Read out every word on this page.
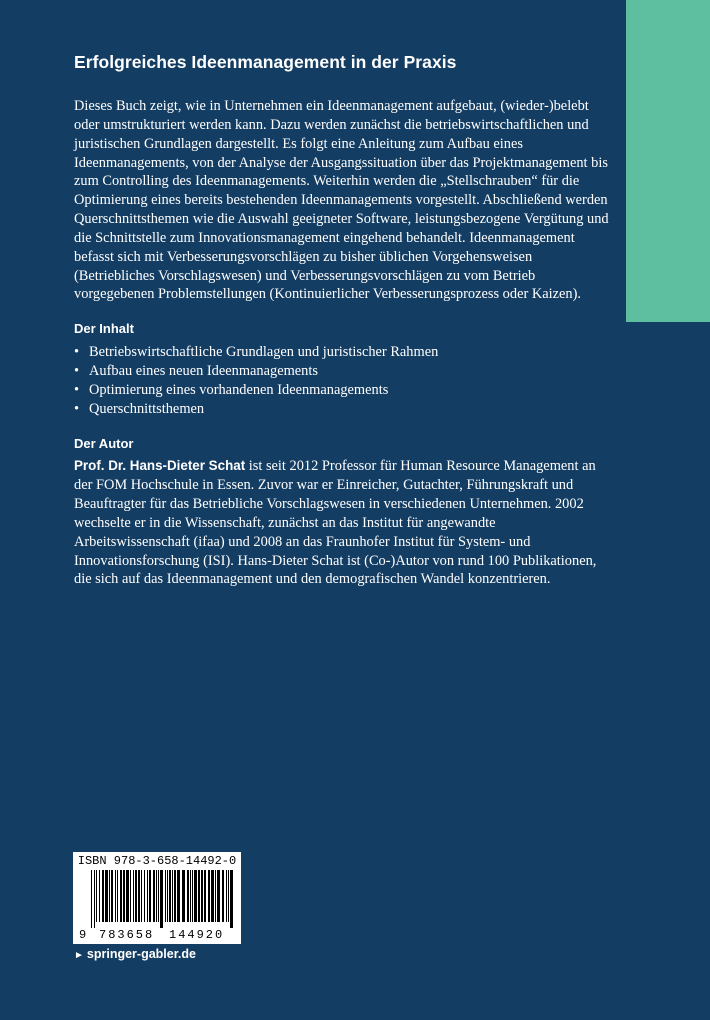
Erfolgreiches Ideenmanagement in der Praxis

Dieses Buch zeigt, wie in Unternehmen ein Ideenmanagement aufgebaut, (wieder-)belebt oder umstrukturiert werden kann. Dazu werden zunächst die betriebswirtschaftlichen und juristischen Grundlagen dargestellt. Es folgt eine Anleitung zum Aufbau eines Ideenmanagements, von der Analyse der Ausgangssituation über das Projektmanagement bis zum Controlling des Ideenmanagements. Weiterhin werden die „Stellschrauben“ für die Optimierung eines bereits bestehenden Ideenmanagements vorgestellt. Abschließend werden Querschnittsthemen wie die Auswahl geeigneter Software, leistungsbezogene Vergütung und die Schnittstelle zum Innovationsmanagement eingehend behandelt. Ideenmanagement befasst sich mit Verbesserungsvorschlägen zu bisher üblichen Vorgehensweisen (Betriebliches Vorschlagswesen) und Verbesserungsvorschlägen zu vom Betrieb vorgegebenen Problemstellungen (Kontinuierlicher Verbesserungsprozess oder Kaizen).

Der Inhalt
• Betriebswirtschaftliche Grundlagen und juristischer Rahmen
• Aufbau eines neuen Ideenmanagements
• Optimierung eines vorhandenen Ideenmanagements
• Querschnittsthemen
Der Autor

Prof. Dr. Hans-Dieter Schat ist seit 2012 Professor für Human Resource Management an der FOM Hochschule in Essen. Zuvor war er Einreicher, Gutachter, Führungskraft und Beauftragter für das Betriebliche Vorschlagswesen in verschiedenen Unternehmen. 2002 wechselte er in die Wissenschaft, zunächst an das Institut für angewandte Arbeitswissenschaft (ifaa) und 2008 an das Fraunhofer Institut für System- und Innovationsforschung (ISI). Hans-Dieter Schat ist (Co-)Autor von rund 100 Publikationen, die sich auf das Ideenmanagement und den demografischen Wandel konzentrieren.

ISBN 978-3-658-14492-0
9 783658 144920
► springer-gabler.de
